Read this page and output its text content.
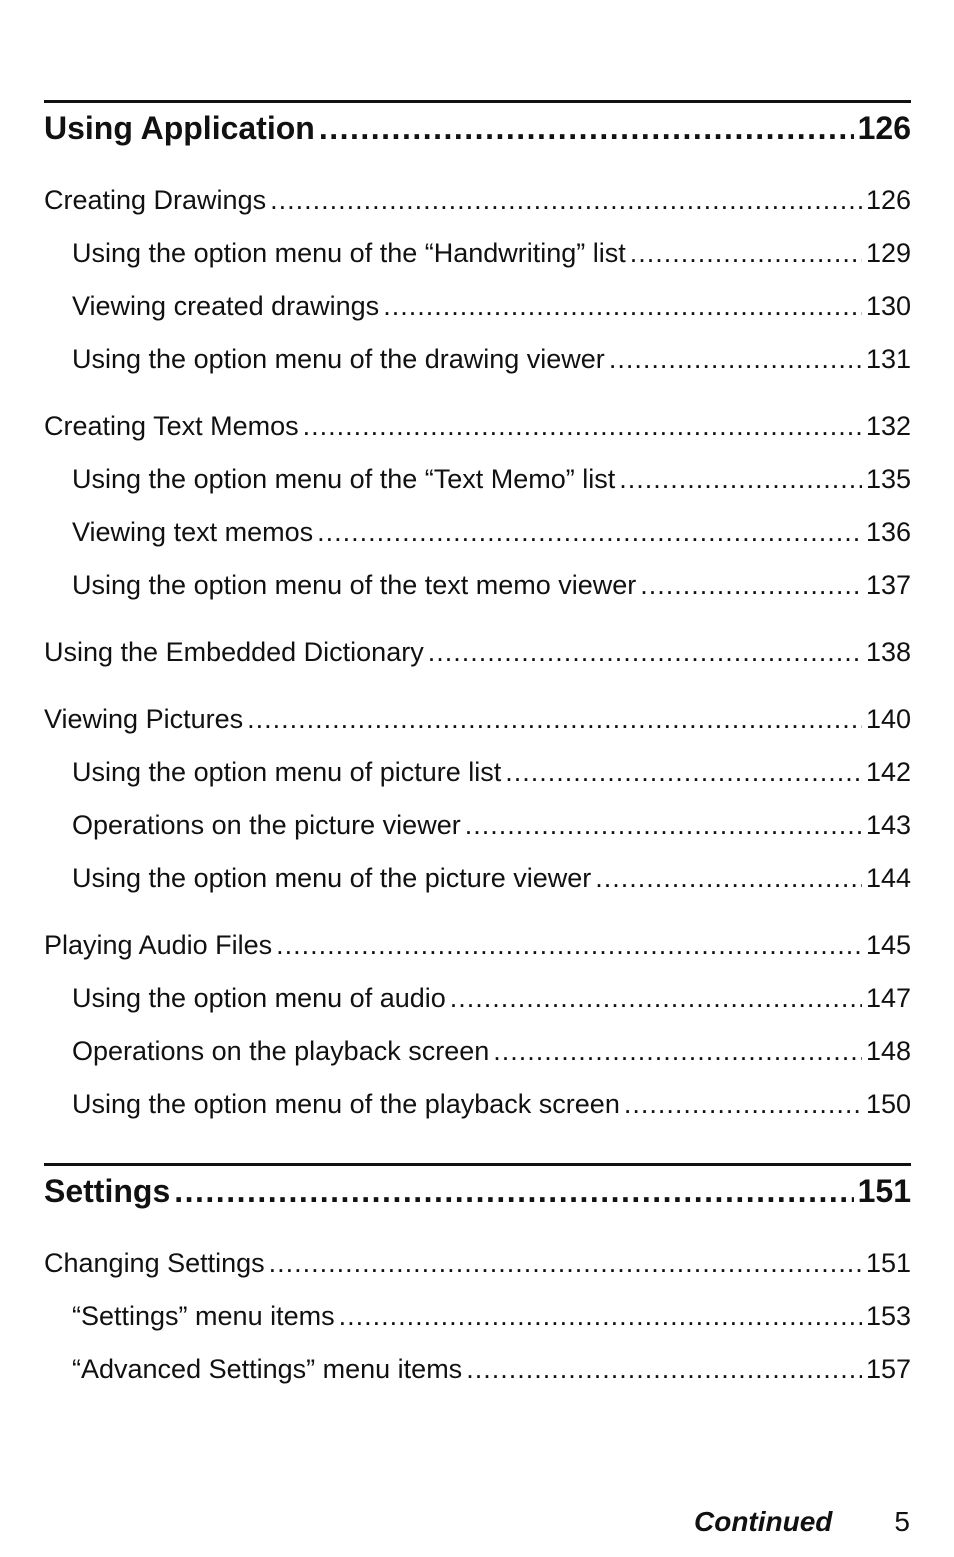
Using Application .....	126
Creating Drawings .....	126
Using the option menu of the “Handwriting” list .....	129
Viewing created drawings .....	130
Using the option menu of the drawing viewer .....	131
Creating Text Memos .....	132
Using the option menu of the “Text Memo” list .....	135
Viewing text memos .....	136
Using the option menu of the text memo viewer .....	137
Using the Embedded Dictionary .....	138
Viewing Pictures .....	140
Using the option menu of picture list .....	142
Operations on the picture viewer .....	143
Using the option menu of the picture viewer .....	144
Playing Audio Files .....	145
Using the option menu of audio .....	147
Operations on the playback screen .....	148
Using the option menu of the playback screen .....	150
Settings .....	151
Changing Settings .....	151
“Settings” menu items .....	153
“Advanced Settings” menu items .....	157
Continued 5
